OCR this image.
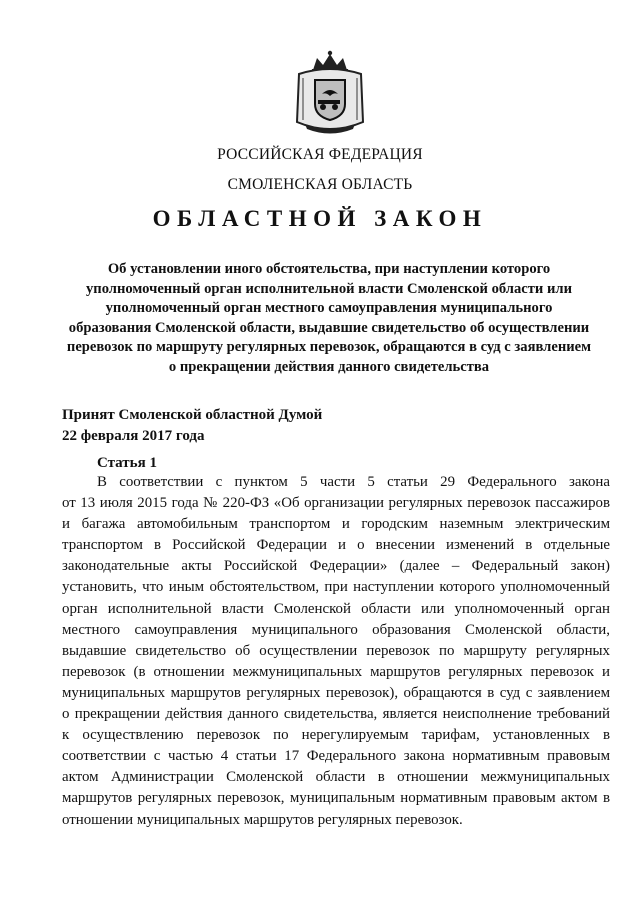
РОССИЙСКАЯ ФЕДЕРАЦИЯ
СМОЛЕНСКАЯ ОБЛАСТЬ
ОБЛАСТНОЙ ЗАКОН
Об установлении иного обстоятельства, при наступлении которого
уполномоченный орган исполнительной власти Смоленской области или
уполномоченный орган местного самоуправления муниципального
образования Смоленской области, выдавшие свидетельство об осуществлении
перевозок по маршруту регулярных перевозок, обращаются в суд с заявлением
о прекращении действия данного свидетельства
Принят Смоленской областной Думой
22 февраля 2017 года
Статья 1
В соответствии с пунктом 5 части 5 статьи 29 Федерального закона
от 13 июля 2015 года № 220-ФЗ «Об организации регулярных перевозок пассажиров
и багажа автомобильным транспортом и городским наземным электрическим
транспортом в Российской Федерации и о внесении изменений в отдельные
законодательные акты Российской Федерации» (далее – Федеральный закон)
установить, что иным обстоятельством, при наступлении которого уполномоченный
орган исполнительной власти Смоленской области или уполномоченный орган
местного самоуправления муниципального образования Смоленской области,
выдавшие свидетельство об осуществлении перевозок по маршруту регулярных
перевозок (в отношении межмуниципальных маршрутов регулярных перевозок и
муниципальных маршрутов регулярных перевозок), обращаются в суд с заявлением
о прекращении действия данного свидетельства, является неисполнение требований
к осуществлению перевозок по нерегулируемым тарифам, установленных в
соответствии с частью 4 статьи 17 Федерального закона нормативным правовым
актом Администрации Смоленской области в отношении межмуниципальных
маршрутов регулярных перевозок, муниципальным нормативным правовым актом в
отношении муниципальных маршрутов регулярных перевозок.
